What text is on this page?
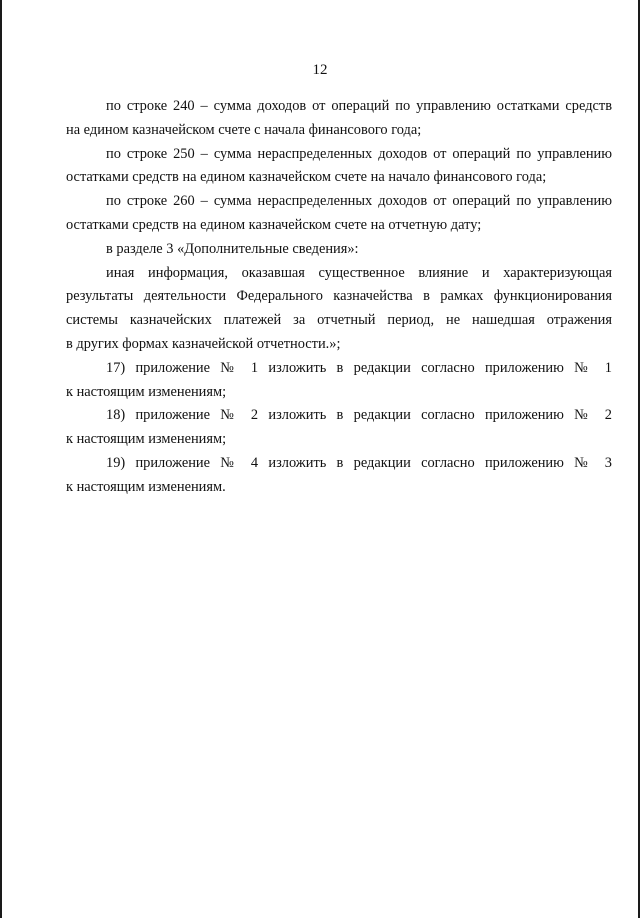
12
по строке 240 – сумма доходов от операций по управлению остатками средств
на едином казначейском счете с начала финансового года;
по строке 250 – сумма нераспределенных доходов от операций по управлению
остатками средств на едином казначейском счете на начало финансового года;
по строке 260 – сумма нераспределенных доходов от операций по управлению
остатками средств на едином казначейском счете на отчетную дату;
в разделе 3 «Дополнительные сведения»:
иная информация, оказавшая существенное влияние и характеризующая
результаты деятельности Федерального казначейства в рамках функционирования
системы казначейских платежей за отчетный период, не нашедшая отражения
в других формах казначейской отчетности.»;
17) приложение № 1 изложить в редакции согласно приложению № 1
к настоящим изменениям;
18) приложение № 2 изложить в редакции согласно приложению № 2
к настоящим изменениям;
19) приложение № 4 изложить в редакции согласно приложению № 3
к настоящим изменениям.
